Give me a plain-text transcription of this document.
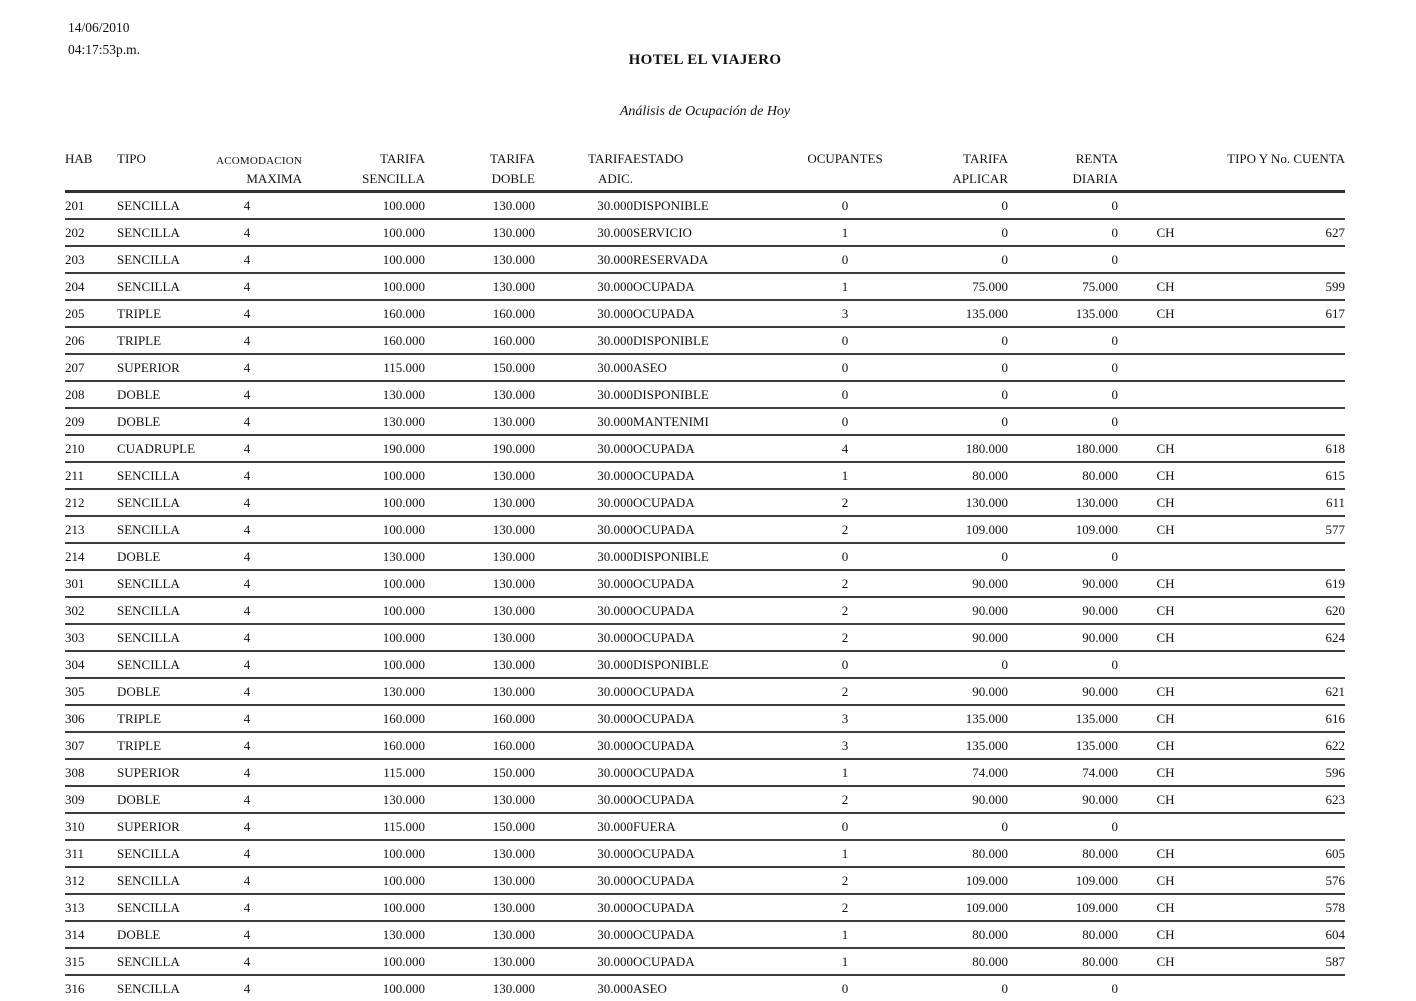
14/06/2010
04:17:53p.m.
HOTEL EL VIAJERO
Análisis de Ocupación de Hoy
HAB	TIPO	ACOMODACION	TARIFA	TARIFA	TARIFA	ESTADO	OCUPANTES	TARIFA	RENTA	TIPO Y No. CUENTA	
		MAXIMA	SENCILLA	DOBLE	ADIC.			APLICAR	DIARIA		
201	SENCILLA	4	100.000	130.000	30.000	DISPONIBLE	0	0	0		
202	SENCILLA	4	100.000	130.000	30.000	SERVICIO	1	0	0	CH	627
203	SENCILLA	4	100.000	130.000	30.000	RESERVADA	0	0	0		
204	SENCILLA	4	100.000	130.000	30.000	OCUPADA	1	75.000	75.000	CH	599
205	TRIPLE	4	160.000	160.000	30.000	OCUPADA	3	135.000	135.000	CH	617
206	TRIPLE	4	160.000	160.000	30.000	DISPONIBLE	0	0	0		
207	SUPERIOR	4	115.000	150.000	30.000	ASEO	0	0	0		
208	DOBLE	4	130.000	130.000	30.000	DISPONIBLE	0	0	0		
209	DOBLE	4	130.000	130.000	30.000	MANTENIMI	0	0	0		
210	CUADRUPLE	4	190.000	190.000	30.000	OCUPADA	4	180.000	180.000	CH	618
211	SENCILLA	4	100.000	130.000	30.000	OCUPADA	1	80.000	80.000	CH	615
212	SENCILLA	4	100.000	130.000	30.000	OCUPADA	2	130.000	130.000	CH	611
213	SENCILLA	4	100.000	130.000	30.000	OCUPADA	2	109.000	109.000	CH	577
214	DOBLE	4	130.000	130.000	30.000	DISPONIBLE	0	0	0		
301	SENCILLA	4	100.000	130.000	30.000	OCUPADA	2	90.000	90.000	CH	619
302	SENCILLA	4	100.000	130.000	30.000	OCUPADA	2	90.000	90.000	CH	620
303	SENCILLA	4	100.000	130.000	30.000	OCUPADA	2	90.000	90.000	CH	624
304	SENCILLA	4	100.000	130.000	30.000	DISPONIBLE	0	0	0		
305	DOBLE	4	130.000	130.000	30.000	OCUPADA	2	90.000	90.000	CH	621
306	TRIPLE	4	160.000	160.000	30.000	OCUPADA	3	135.000	135.000	CH	616
307	TRIPLE	4	160.000	160.000	30.000	OCUPADA	3	135.000	135.000	CH	622
308	SUPERIOR	4	115.000	150.000	30.000	OCUPADA	1	74.000	74.000	CH	596
309	DOBLE	4	130.000	130.000	30.000	OCUPADA	2	90.000	90.000	CH	623
310	SUPERIOR	4	115.000	150.000	30.000	FUERA	0	0	0		
311	SENCILLA	4	100.000	130.000	30.000	OCUPADA	1	80.000	80.000	CH	605
312	SENCILLA	4	100.000	130.000	30.000	OCUPADA	2	109.000	109.000	CH	576
313	SENCILLA	4	100.000	130.000	30.000	OCUPADA	2	109.000	109.000	CH	578
314	DOBLE	4	130.000	130.000	30.000	OCUPADA	1	80.000	80.000	CH	604
315	SENCILLA	4	100.000	130.000	30.000	OCUPADA	1	80.000	80.000	CH	587
316	SENCILLA	4	100.000	130.000	30.000	ASEO	0	0	0		
